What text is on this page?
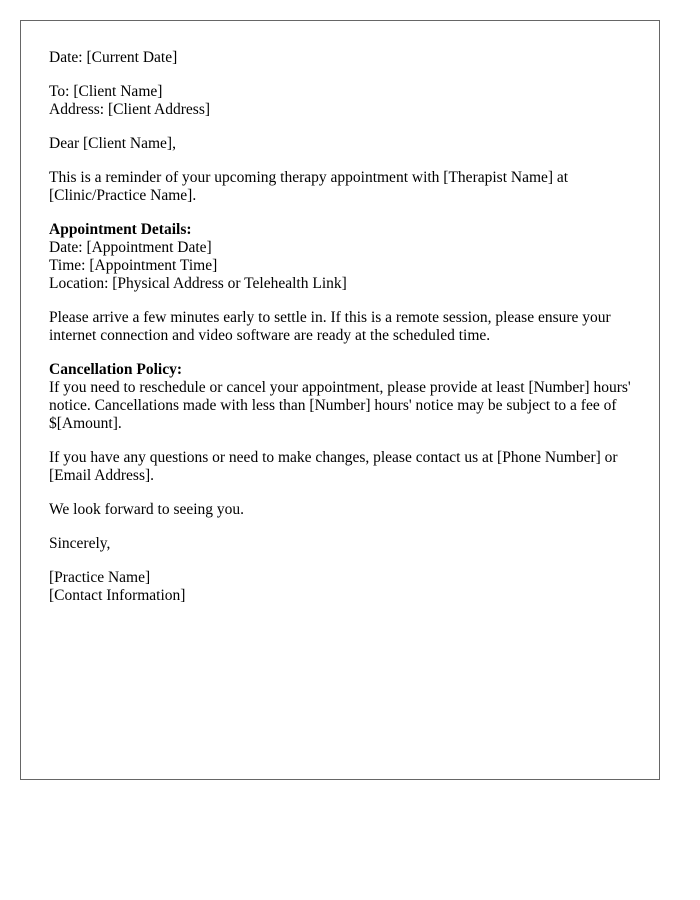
Date: [Current Date]
To: [Client Name]
Address: [Client Address]
Dear [Client Name],
This is a reminder of your upcoming therapy appointment with [Therapist Name] at [Clinic/Practice Name].
Appointment Details:
Date: [Appointment Date]
Time: [Appointment Time]
Location: [Physical Address or Telehealth Link]
Please arrive a few minutes early to settle in. If this is a remote session, please ensure your internet connection and video software are ready at the scheduled time.
Cancellation Policy:
If you need to reschedule or cancel your appointment, please provide at least [Number] hours' notice. Cancellations made with less than [Number] hours' notice may be subject to a fee of $[Amount].
If you have any questions or need to make changes, please contact us at [Phone Number] or [Email Address].
We look forward to seeing you.
Sincerely,
[Practice Name]
[Contact Information]
